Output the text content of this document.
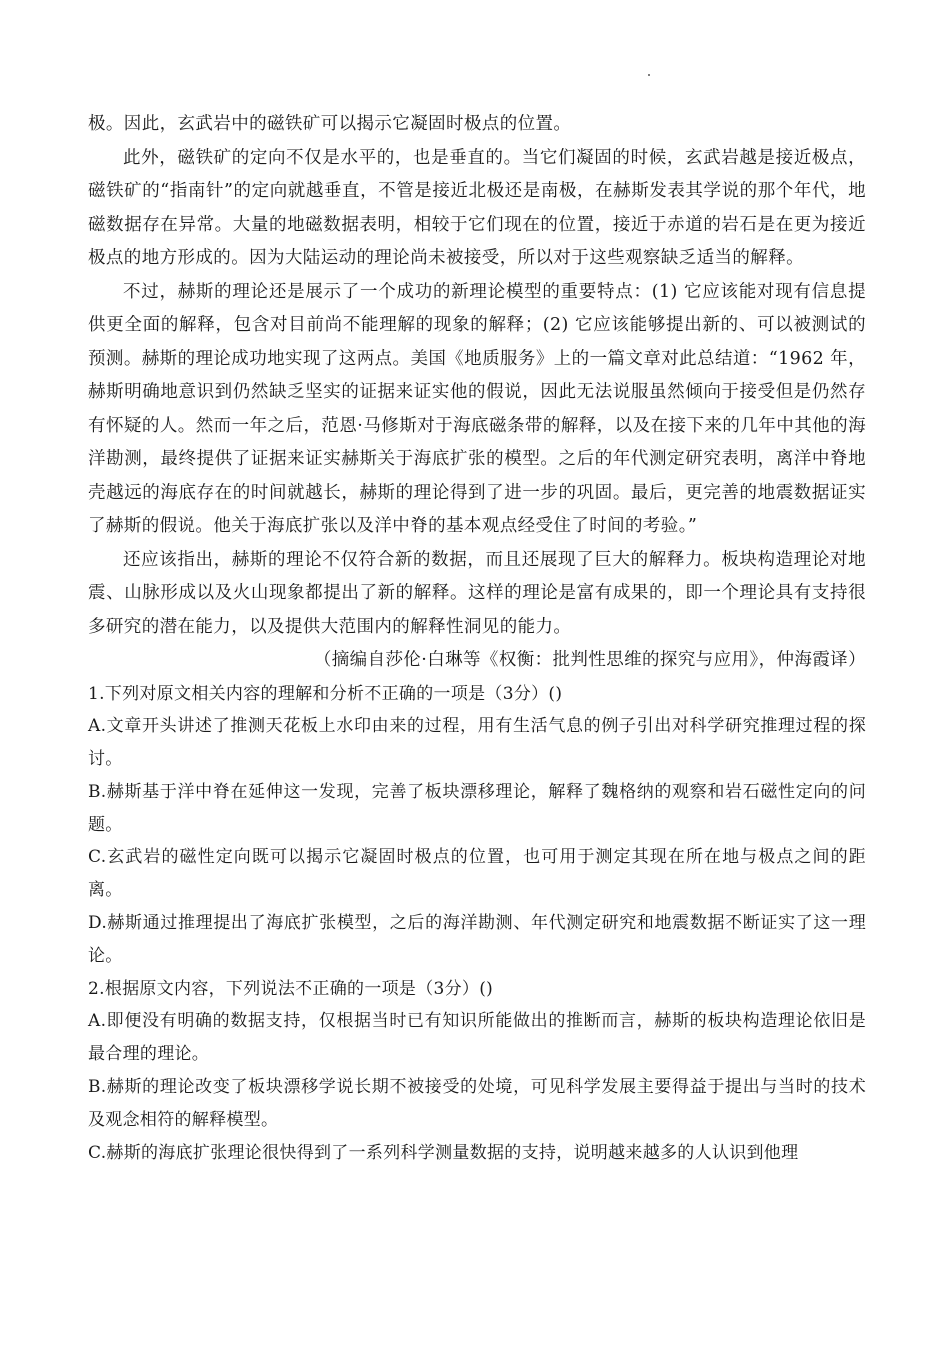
极。因此，玄武岩中的磁铁矿可以揭示它凝固时极点的位置。

此外，磁铁矿的定向不仅是水平的，也是垂直的。当它们凝固的时候，玄武岩越是接近极点，磁铁矿的“指南针”的定向就越垂直，不管是接近北极还是南极，在赫斯发表其学说的那个年代，地磁数据存在异常。大量的地磁数据表明，相较于它们现在的位置，接近于赤道的岩石是在更为接近极点的地方形成的。因为大陆运动的理论尚未被接受，所以对于这些观察缺乏适当的解释。

不过，赫斯的理论还是展示了一个成功的新理论模型的重要特点：(1) 它应该能对现有信息提供更全面的解释，包含对目前尚不能理解的现象的解释；(2) 它应该能够提出新的、可以被测试的预测。赫斯的理论成功地实现了这两点。美国《地质服务》上的一篇文章对此总结道：“1962 年，赫斯明确地意识到仍然缺乏坚实的证据来证实他的假说，因此无法说服虽然倾向于接受但是仍然存有怀疑的人。然而一年之后，范恩·马修斯对于海底磁条带的解释，以及在接下来的几年中其他的海洋勘测，最终提供了证据来证实赫斯关于海底扩张的模型。之后的年代测定研究表明，离洋中脊地壳越远的海底存在的时间就越长，赫斯的理论得到了进一步的巩固。最后，更完善的地震数据证实了赫斯的假说。他关于海底扩张以及洋中脊的基本观点经受住了时间的考验。”

还应该指出，赫斯的理论不仅符合新的数据，而且还展现了巨大的解释力。板块构造理论对地震、山脉形成以及火山现象都提出了新的解释。这样的理论是富有成果的，即一个理论具有支持很多研究的潜在能力，以及提供大范围内的解释性洞见的能力。

（摘编自莎伦·白琳等《权衡：批判性思维的探究与应用》，仲海霞译）

1.下列对原文相关内容的理解和分析不正确的一项是（3分）()

A.文章开头讲述了推测天花板上水印由来的过程，用有生活气息的例子引出对科学研究推理过程的探讨。

B.赫斯基于洋中脊在延伸这一发现，完善了板块漂移理论，解释了魏格纳的观察和岩石磁性定向的问题。

C.玄武岩的磁性定向既可以揭示它凝固时极点的位置，也可用于测定其现在所在地与极点之间的距离。

D.赫斯通过推理提出了海底扩张模型，之后的海洋勘测、年代测定研究和地震数据不断证实了这一理论。

2.根据原文内容，下列说法不正确的一项是（3分）()

A.即便没有明确的数据支持，仅根据当时已有知识所能做出的推断而言，赫斯的板块构造理论依旧是最合理的理论。

B.赫斯的理论改变了板块漂移学说长期不被接受的处境，可见科学发展主要得益于提出与当时的技术及观念相符的解释模型。

C.赫斯的海底扩张理论很快得到了一系列科学测量数据的支持，说明越来越多的人认识到他理
